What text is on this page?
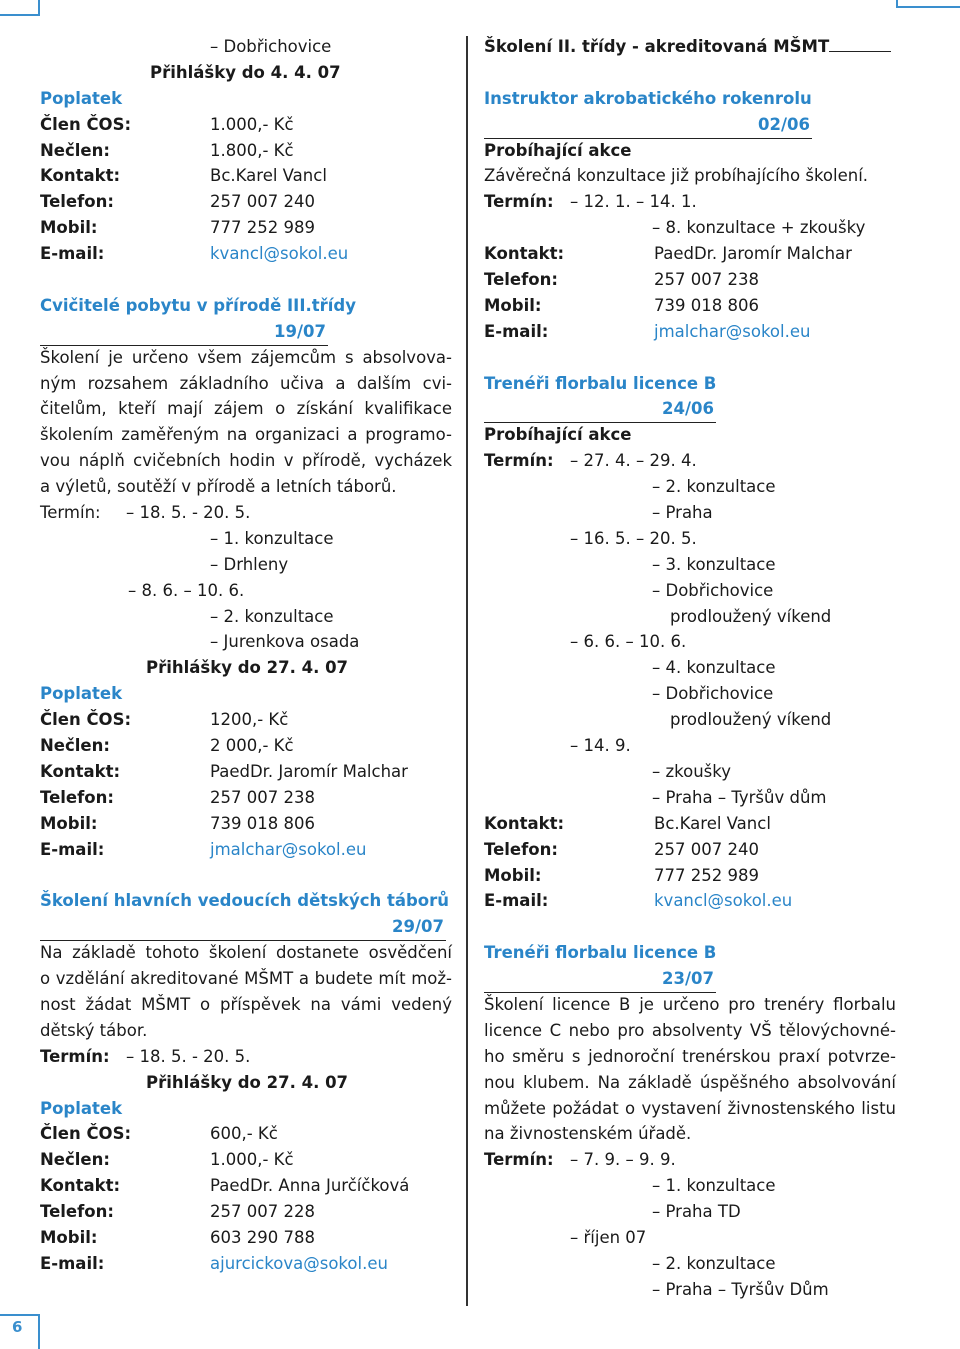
6
– Dobřichovice
Přihlášky do 4. 4. 07
Poplatek
Člen ČOS:	1.000,- Kč
Nečlen:	1.800,- Kč
Kontakt:	Bc.Karel Vancl
Telefon:	257 007 240
Mobil:	777 252 989
E-mail:	kvancl@sokol.eu
Cvičitelé pobytu v přírodě III.třídy
19/07
Školení je určeno všem zájemcům s absolvova-
ným rozsahem základního učiva a dalším cvi-
čitelům, kteří mají zájem o získání kvalifikace
školením zaměřeným na organizaci a programo-
vou náplň cvičebních hodin v přírodě, vycházek
a výletů, soutěží v přírodě a letních táborů.
Termín: – 18. 5. - 20. 5.
– 1. konzultace
– Drhleny
– 8. 6. – 10. 6.
– 2. konzultace
– Jurenkova osada
Přihlášky do 27. 4. 07
Poplatek
Člen ČOS:	1200,- Kč
Nečlen:	2 000,- Kč
Kontakt:	PaedDr. Jaromír Malchar
Telefon:	257 007 238
Mobil:	739 018 806
E-mail:	jmalchar@sokol.eu
Školení hlavních vedoucích dětských táborů
29/07
Na základě tohoto školení dostanete osvědčení
o vzdělání akreditované MŠMT a budete mít mož-
nost žádat MŠMT o příspěvek na vámi vedený
dětský tábor.
Termín: – 18. 5. - 20. 5.
Přihlášky do 27. 4. 07
Poplatek
Člen ČOS:	600,- Kč
Nečlen:	1.000,- Kč
Kontakt:	PaedDr. Anna Jurčíčková
Telefon:	257 007 228
Mobil:	603 290 788
E-mail:	ajurcickova@sokol.eu
Školení II. třídy - akreditovaná MŠMT
Instruktor akrobatického rokenrolu
02/06
Probíhající akce
Závěrečná konzultace již probíhajícího školení.
Termín: – 12. 1. – 14. 1.
– 8. konzultace + zkoušky
Kontakt:	PaedDr. Jaromír Malchar
Telefon:	257 007 238
Mobil:	739 018 806
E-mail:	jmalchar@sokol.eu
Trenéři florbalu licence B
24/06
Probíhající akce
Termín: – 27. 4. – 29. 4.
– 2. konzultace
– Praha
– 16. 5. – 20. 5.
– 3. konzultace
– Dobřichovice
prodloužený víkend
– 6. 6. – 10. 6.
– 4. konzultace
– Dobřichovice
prodloužený víkend
– 14. 9.
– zkoušky
– Praha – Tyršův dům
Kontakt:	Bc.Karel Vancl
Telefon:	257 007 240
Mobil:	777 252 989
E-mail:	kvancl@sokol.eu
Trenéři florbalu licence B
23/07
Školení licence B je určeno pro trenéry florbalu
licence C nebo pro absolventy VŠ tělovýchovné-
ho směru s jednoroční trenérskou praxí potvrze-
nou klubem. Na základě úspěšného absolvování
můžete požádat o vystavení živnostenského listu
na živnostenském úřadě.
Termín: – 7. 9. – 9. 9.
– 1. konzultace
– Praha TD
– říjen 07
– 2. konzultace
– Praha – Tyršův Dům
